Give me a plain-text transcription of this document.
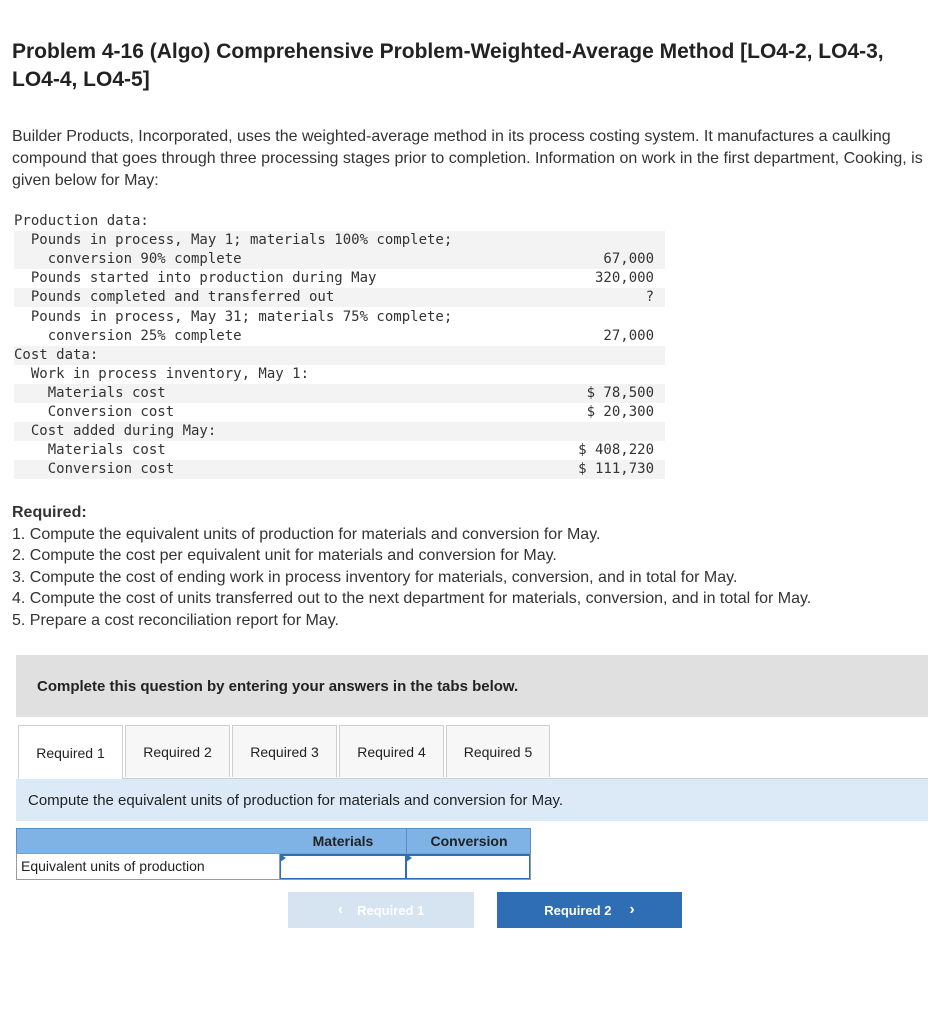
Problem 4-16 (Algo) Comprehensive Problem-Weighted-Average Method [LO4-2, LO4-3, LO4-4, LO4-5]

Builder Products, Incorporated, uses the weighted-average method in its process costing system. It manufactures a caulking compound that goes through three processing stages prior to completion. Information on work in the first department, Cooking, is given below for May:

Production data:	
Pounds in process, May 1; materials 100% complete;	
conversion 90% complete	67,000
Pounds started into production during May	320,000
Pounds completed and transferred out	?
Pounds in process, May 31; materials 75% complete;	
conversion 25% complete	27,000
Cost data:	
Work in process inventory, May 1:	
Materials cost	$ 78,500
Conversion cost	$ 20,300
Cost added during May:	
Materials cost	$ 408,220
Conversion cost	$ 111,730
Required:
1. Compute the equivalent units of production for materials and conversion for May.
2. Compute the cost per equivalent unit for materials and conversion for May.
3. Compute the cost of ending work in process inventory for materials, conversion, and in total for May.
4. Compute the cost of units transferred out to the next department for materials, conversion, and in total for May.
5. Prepare a cost reconciliation report for May.
Complete this question by entering your answers in the tabs below.
Required 1	Required 2	Required 3	Required 4	Required 5
Compute the equivalent units of production for materials and conversion for May.
Materials	Conversion
Equivalent units of production
‹ Required 1	Required 2 ›
